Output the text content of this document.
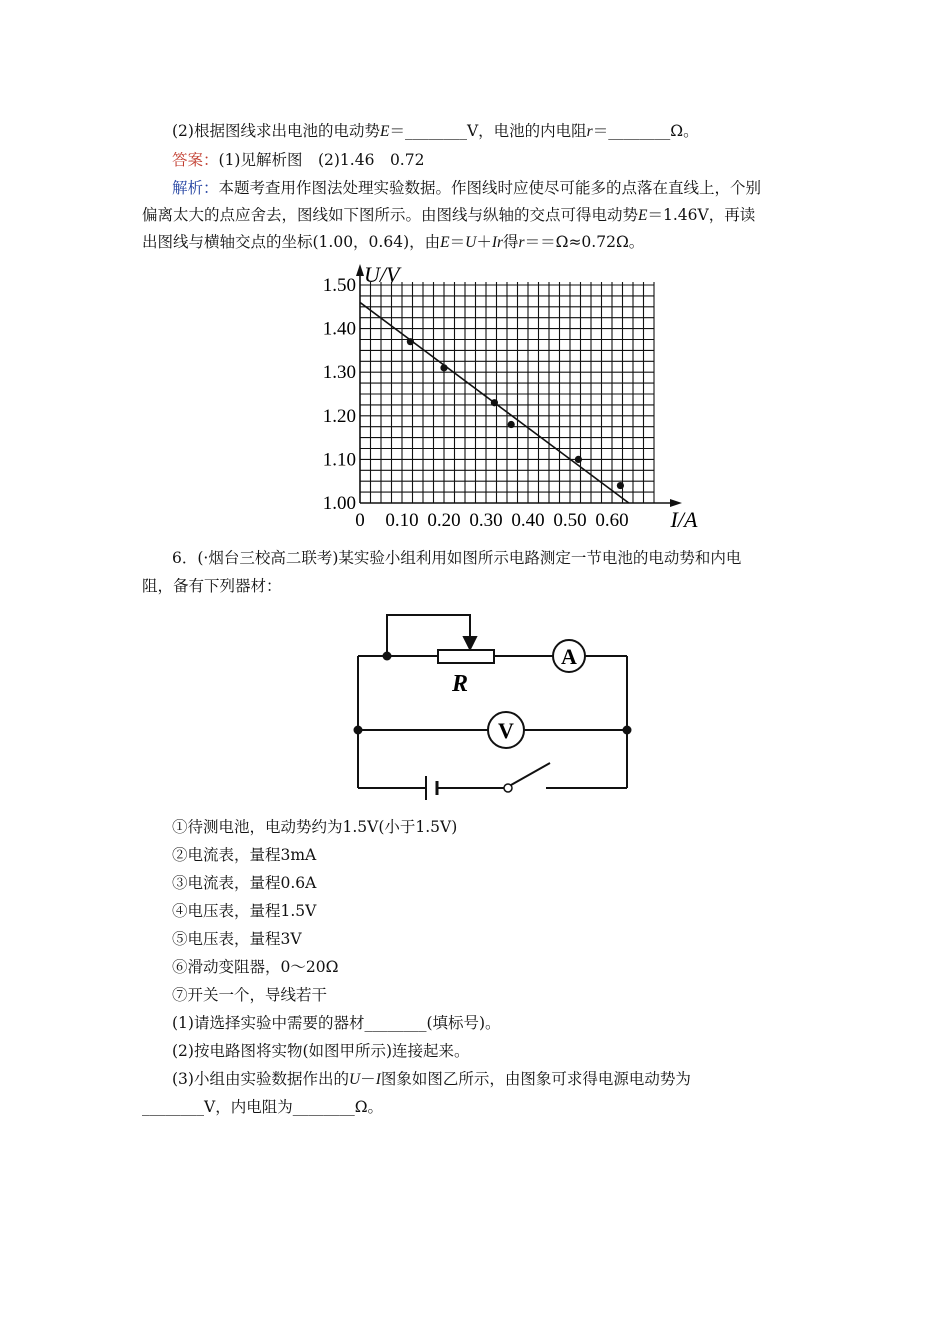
(2)根据图线求出电池的电动势E＝________V，电池的内电阻r＝________Ω。
答案：(1)见解析图　(2)1.46　0.72
解析：本题考查用作图法处理实验数据。作图线时应使尽可能多的点落在直线上，个别
偏离太大的点应舍去，图线如下图所示。由图线与纵轴的交点可得电动势E＝1.46V，再读
出图线与横轴交点的坐标(1.00，0.64)，由E＝U＋Ir得r＝＝Ω≈0.72Ω。
0.10 0.20 0.30 0.40 0.50 0.60
1.00
1.10
1.20
1.30
1.40
1.50
0	I/A
U/V
6．(·烟台三校高二联考)某实验小组利用如图所示电路测定一节电池的电动势和内电
阻，备有下列器材：
R
A
V
①待测电池，电动势约为1.5V(小于1.5V)
②电流表，量程3mA
③电流表，量程0.6A
④电压表，量程1.5V
⑤电压表，量程3V
⑥滑动变阻器，0～20Ω
⑦开关一个，导线若干
(1)请选择实验中需要的器材________(填标号)。
(2)按电路图将实物(如图甲所示)连接起来。
(3)小组由实验数据作出的U－I图象如图乙所示，由图象可求得电源电动势为
________V，内电阻为________Ω。
